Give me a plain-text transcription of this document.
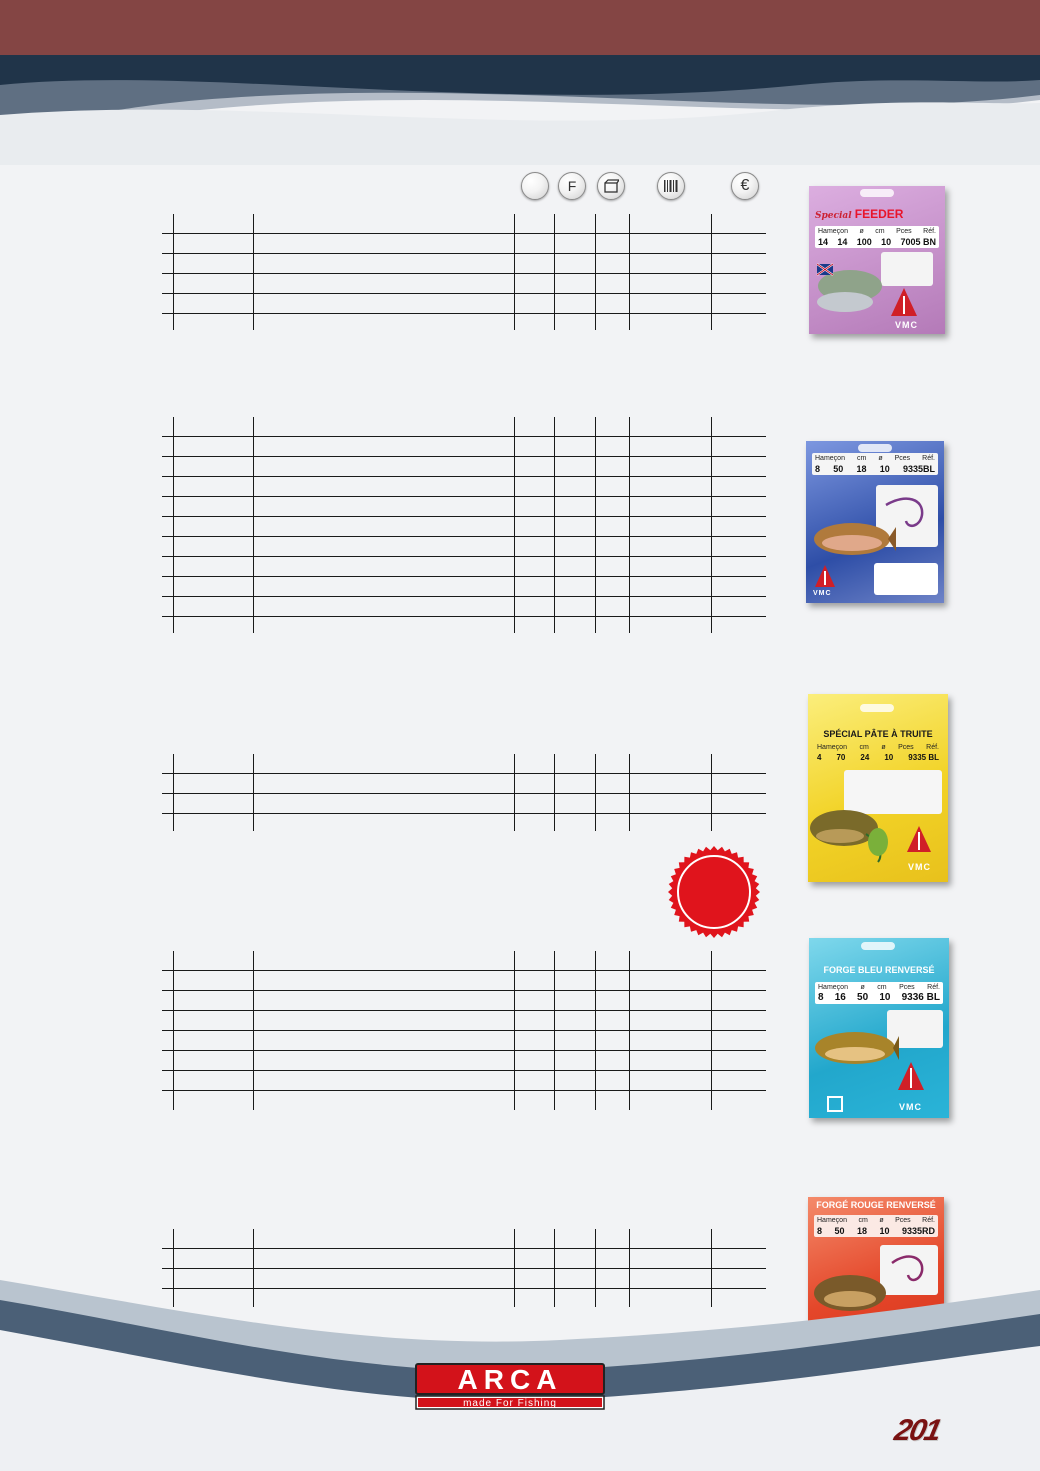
F	€
Special FEEDER
Hameçon ø cm Pces Réf.
14 14 100 10 7005 BN
VMC
Hameçon cm ø Pces Réf.
8 50 18 10 9335BL
VMC
SPÉCIAL PÂTE À TRUITE
Hameçon cm ø Pces Réf.
4 70 24 10 9335 BL
VMC
FORGE BLEU RENVERSÉ
Hameçon ø cm Pces Réf.
8 16 50 10 9336 BL
VMC
FORGÉ ROUGE RENVERSÉ
Hameçon cm ø Pces Réf.
8 50 18 10 9335RD
ARCA
made For Fishing
201
